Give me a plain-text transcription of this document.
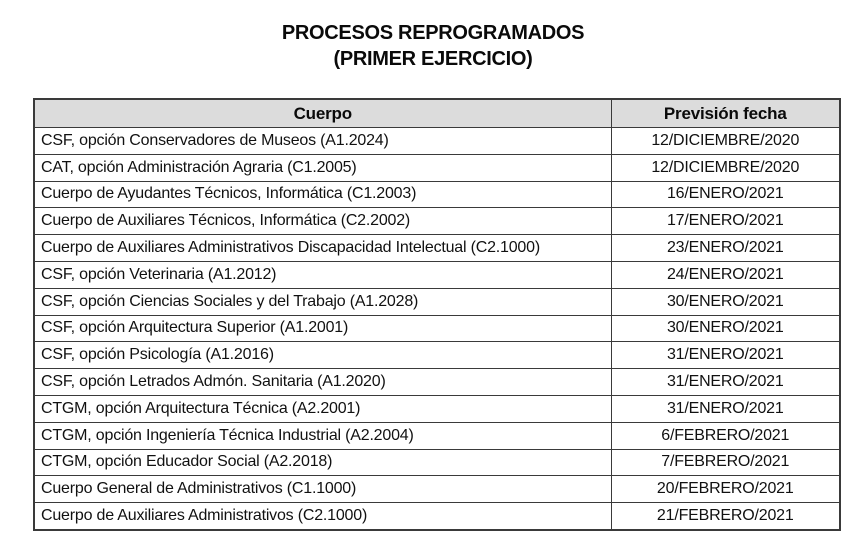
PROCESOS REPROGRAMADOS
(PRIMER EJERCICIO)
Cuerpo	Previsión fecha
CSF, opción Conservadores de Museos (A1.2024)	12/DICIEMBRE/2020
CAT, opción Administración Agraria (C1.2005)	12/DICIEMBRE/2020
Cuerpo de Ayudantes Técnicos, Informática (C1.2003)	16/ENERO/2021
Cuerpo de Auxiliares Técnicos, Informática (C2.2002)	17/ENERO/2021
Cuerpo de Auxiliares Administrativos Discapacidad Intelectual (C2.1000)	23/ENERO/2021
CSF, opción Veterinaria (A1.2012)	24/ENERO/2021
CSF, opción Ciencias Sociales y del Trabajo (A1.2028)	30/ENERO/2021
CSF, opción Arquitectura Superior (A1.2001)	30/ENERO/2021
CSF, opción Psicología (A1.2016)	31/ENERO/2021
CSF, opción Letrados Admón. Sanitaria (A1.2020)	31/ENERO/2021
CTGM, opción Arquitectura Técnica (A2.2001)	31/ENERO/2021
CTGM, opción Ingeniería Técnica Industrial (A2.2004)	6/FEBRERO/2021
CTGM, opción Educador Social (A2.2018)	7/FEBRERO/2021
Cuerpo General de Administrativos (C1.1000)	20/FEBRERO/2021
Cuerpo de Auxiliares Administrativos (C2.1000)	21/FEBRERO/2021
